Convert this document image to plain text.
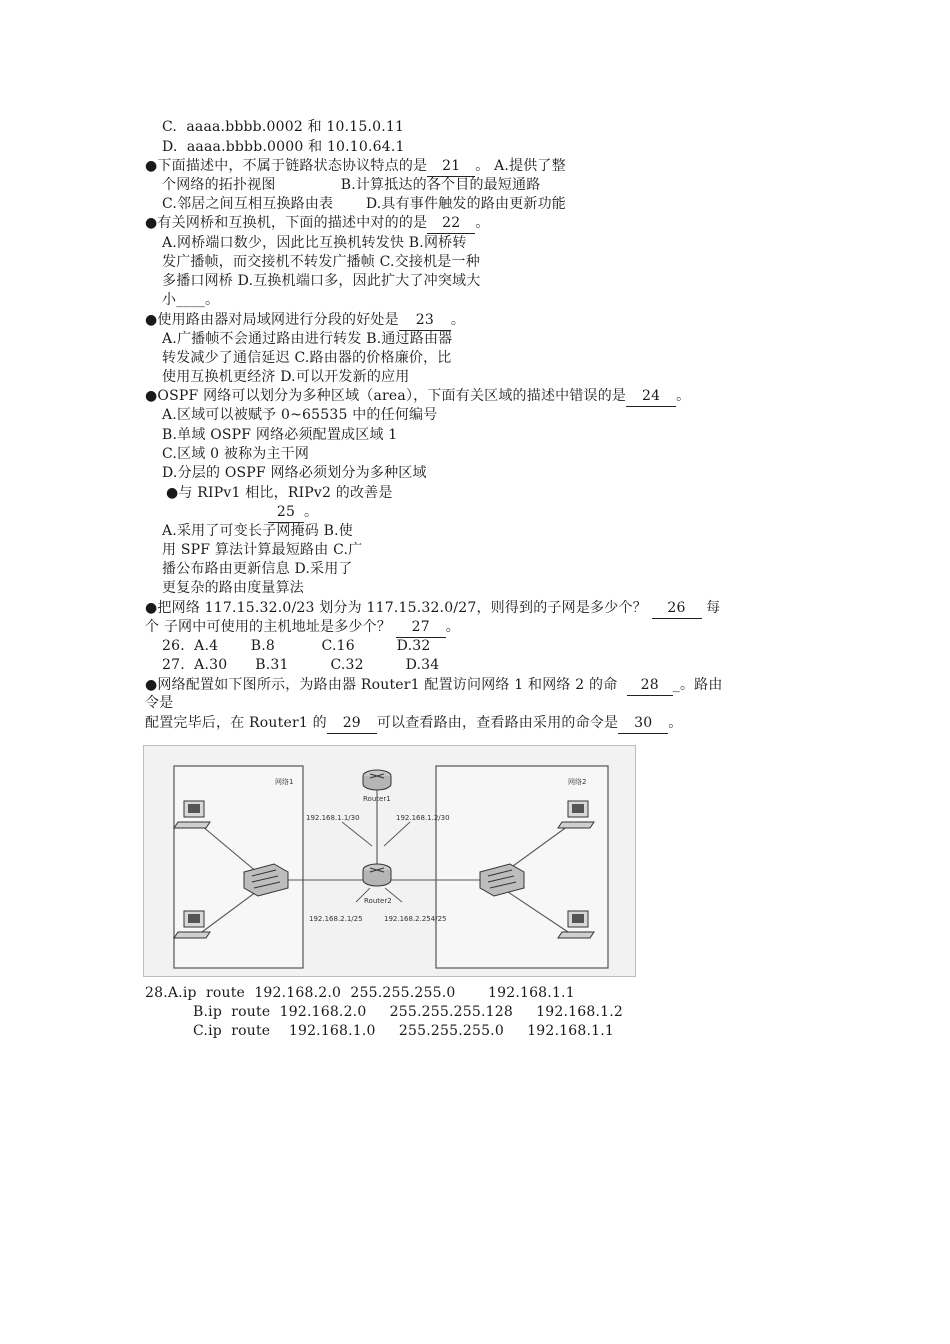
C.  aaaa.bbbb.0002 和 10.15.0.11
D.  aaaa.bbbb.0000 和 10.10.64.1
●下面描述中，不属于链路状态协议特点的是 21 。 A.提供了整
个网络的拓扑视图              B.计算抵达的各个目的最短通路
C.邻居之间互相互换路由表       D.具有事件触发的路由更新功能
●有关网桥和互换机，下面的描述中对的的是 22 。
A.网桥端口数少，因此比互换机转发快 B.网桥转
发广播帧，而交接机不转发广播帧 C.交接机是一种
多播口网桥 D.互换机端口多，因此扩大了冲突域大
小____。
●使用路由器对局域网进行分段的好处是 23 。
A.广播帧不会通过路由进行转发 B.通过路由器
转发减少了通信延迟 C.路由器的价格廉价，比
使用互换机更经济 D.可以开发新的应用
●OSPF 网络可以划分为多种区域（area），下面有关区域的描述中错误的是 24 。
A.区域可以被赋予 0~65535 中的任何编号
B.单域 OSPF 网络必须配置成区域 1
C.区域 0 被称为主干网
D.分层的 OSPF 网络必须划分为多种区域
●与 RIPv1 相比，RIPv2 的改善是
25 。
A.采用了可变长子网掩码 B.使
用 SPF 算法计算最短路由 C.广
播公布路由更新信息 D.采用了
更复杂的路由度量算法
●把网络 117.15.32.0/23 划分为 117.15.32.0/27，则得到的子网是多少个？ 26 每
个 子网中可使用的主机地址是多少个？ 27 。
26.  A.4       B.8          C.16         D.32
27.  A.30      B.31         C.32         D.34
●网络配置如下图所示，为路由器 Router1 配置访问网络 1 和网络 2 的命 28 _。路由
令是
配置完毕后，在 Router1 的 29 可以查看路由，查看路由采用的命令是 30 。
网络1	网络2
Router1
Router2
192.168.1.1/30	192.168.1.2/30
192.168.2.1/25	192.168.2.254/25
28.A.ip  route  192.168.2.0  255.255.255.0       192.168.1.1
B.ip  route  192.168.2.0     255.255.255.128     192.168.1.2
C.ip  route    192.168.1.0     255.255.255.0     192.168.1.1
